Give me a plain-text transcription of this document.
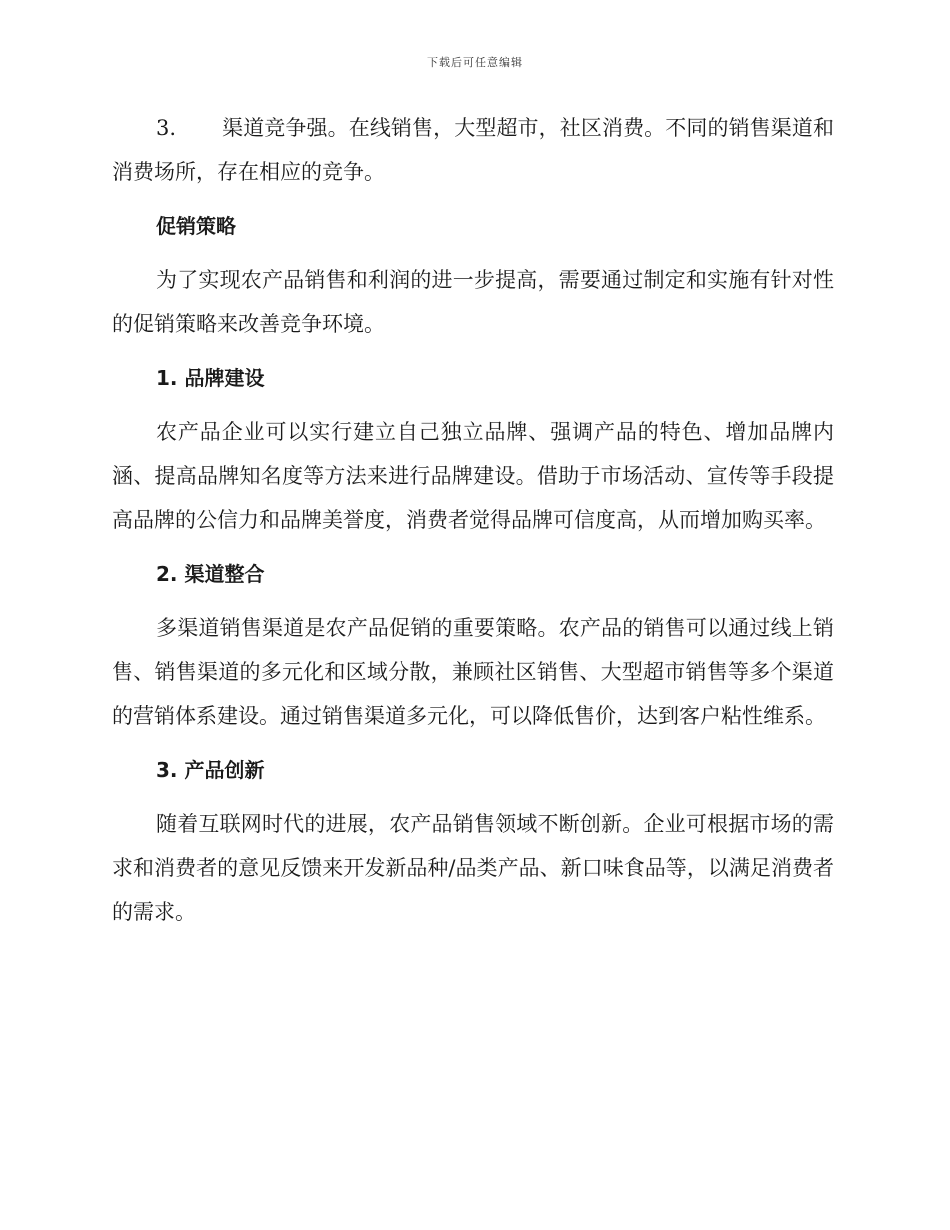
下载后可任意编辑

3. 渠道竞争强。在线销售，大型超市，社区消费。不同的销售渠道和消费场所，存在相应的竞争。

促销策略

为了实现农产品销售和利润的进一步提高，需要通过制定和实施有针对性的促销策略来改善竞争环境。

1. 品牌建设

农产品企业可以实行建立自己独立品牌、强调产品的特色、增加品牌内涵、提高品牌知名度等方法来进行品牌建设。借助于市场活动、宣传等手段提高品牌的公信力和品牌美誉度，消费者觉得品牌可信度高，从而增加购买率。

2. 渠道整合

多渠道销售渠道是农产品促销的重要策略。农产品的销售可以通过线上销售、销售渠道的多元化和区域分散，兼顾社区销售、大型超市销售等多个渠道的营销体系建设。通过销售渠道多元化，可以降低售价，达到客户粘性维系。

3. 产品创新

随着互联网时代的进展，农产品销售领域不断创新。企业可根据市场的需求和消费者的意见反馈来开发新品种/品类产品、新口味食品等，以满足消费者的需求。
